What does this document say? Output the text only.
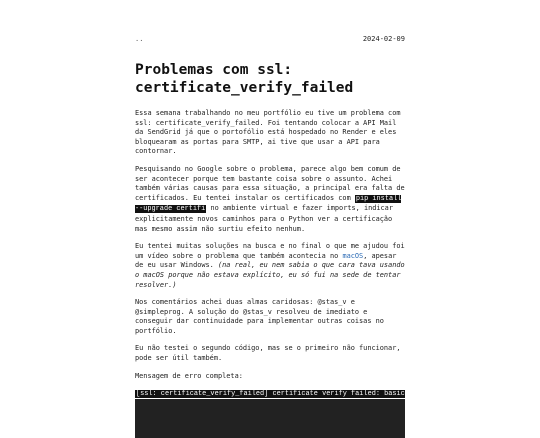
..	2024-02-09
Problemas com ssl: certificate_verify_failed

Essa semana trabalhando no meu portfólio eu tive um problema com ssl: certificate_verify_failed. Foi tentando colocar a API Mail da SendGrid já que o portofólio está hospedado no Render e eles bloquearam as portas para SMTP, ai tive que usar a API para contornar.

Pesquisando no Google sobre o problema, parece algo bem comum de ser acontecer porque tem bastante coisa sobre o assunto. Achei também várias causas para essa situação, a principal era falta de certificados. Eu tentei instalar os certificados com pip install --upgrade certifi no ambiente virtual e fazer imports, indicar explicitamente novos caminhos para o Python ver a certificação mas mesmo assim não surtiu efeito nenhum.

Eu tentei muitas soluções na busca e no final o que me ajudou foi um vídeo sobre o problema que também acontecia no macOS, apesar de eu usar Windows. (na real, eu nem sabia o que cara tava usando o macOS porque não estava explícito, eu só fui na sede de tentar resolver.)

Nos comentários achei duas almas caridosas: @stas_v e @simpleprog. A solução do @stas_v resolveu de imediato e conseguir dar continuidade para implementar outras coisas no portfólio.

Eu não testei o segundo código, mas se o primeiro não funcionar, pode ser útil também.

Mensagem de erro completa:

[ssl: certificate_verify_failed] certificate verify failed: basic
